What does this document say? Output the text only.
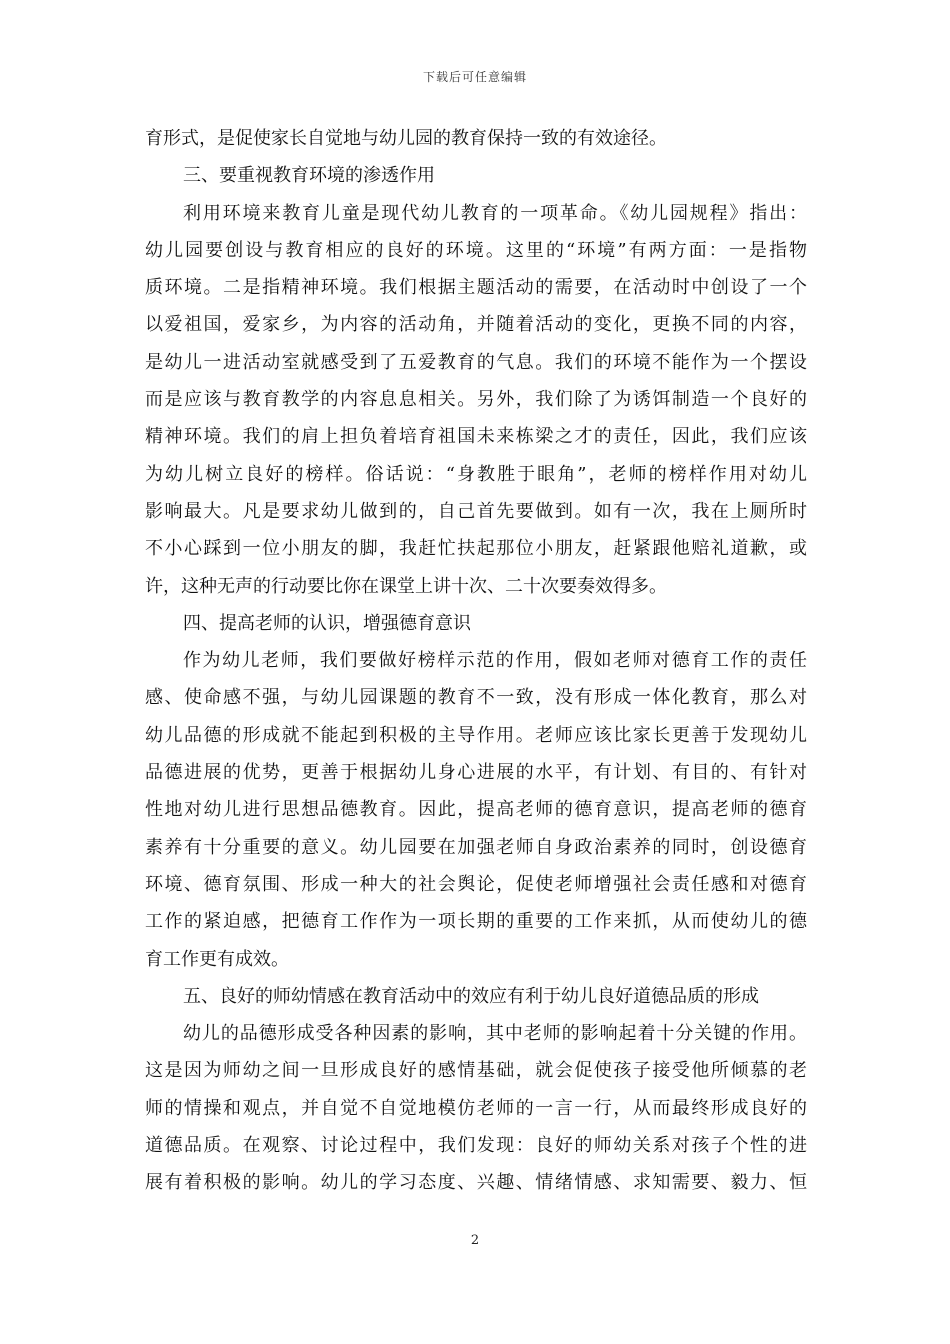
下载后可任意编辑
育形式，是促使家长自觉地与幼儿园的教育保持一致的有效途径。
三、要重视教育环境的渗透作用
利用环境来教育儿童是现代幼儿教育的一项革命。《幼儿园规程》指出：
幼儿园要创设与教育相应的良好的环境。这里的“环境”有两方面：一是指物
质环境。二是指精神环境。我们根据主题活动的需要，在活动时中创设了一个
以爱祖国，爱家乡，为内容的活动角，并随着活动的变化，更换不同的内容，
是幼儿一进活动室就感受到了五爱教育的气息。我们的环境不能作为一个摆设
而是应该与教育教学的内容息息相关。另外，我们除了为诱饵制造一个良好的
精神环境。我们的肩上担负着培育祖国未来栋梁之才的责任，因此，我们应该
为幼儿树立良好的榜样。俗话说：“身教胜于眼角”，老师的榜样作用对幼儿
影响最大。凡是要求幼儿做到的，自己首先要做到。如有一次，我在上厕所时
不小心踩到一位小朋友的脚，我赶忙扶起那位小朋友，赶紧跟他赔礼道歉，或
许，这种无声的行动要比你在课堂上讲十次、二十次要奏效得多。
四、提高老师的认识，增强德育意识
作为幼儿老师，我们要做好榜样示范的作用，假如老师对德育工作的责任
感、使命感不强，与幼儿园课题的教育不一致，没有形成一体化教育，那么对
幼儿品德的形成就不能起到积极的主导作用。老师应该比家长更善于发现幼儿
品德进展的优势，更善于根据幼儿身心进展的水平，有计划、有目的、有针对
性地对幼儿进行思想品德教育。因此，提高老师的德育意识，提高老师的德育
素养有十分重要的意义。幼儿园要在加强老师自身政治素养的同时，创设德育
环境、德育氛围、形成一种大的社会舆论，促使老师增强社会责任感和对德育
工作的紧迫感，把德育工作作为一项长期的重要的工作来抓，从而使幼儿的德
育工作更有成效。
五、良好的师幼情感在教育活动中的效应有利于幼儿良好道德品质的形成
幼儿的品德形成受各种因素的影响，其中老师的影响起着十分关键的作用。
这是因为师幼之间一旦形成良好的感情基础，就会促使孩子接受他所倾慕的老
师的情操和观点，并自觉不自觉地模仿老师的一言一行，从而最终形成良好的
道德品质。在观察、讨论过程中，我们发现：良好的师幼关系对孩子个性的进
展有着积极的影响。幼儿的学习态度、兴趣、情绪情感、求知需要、毅力、恒
2
